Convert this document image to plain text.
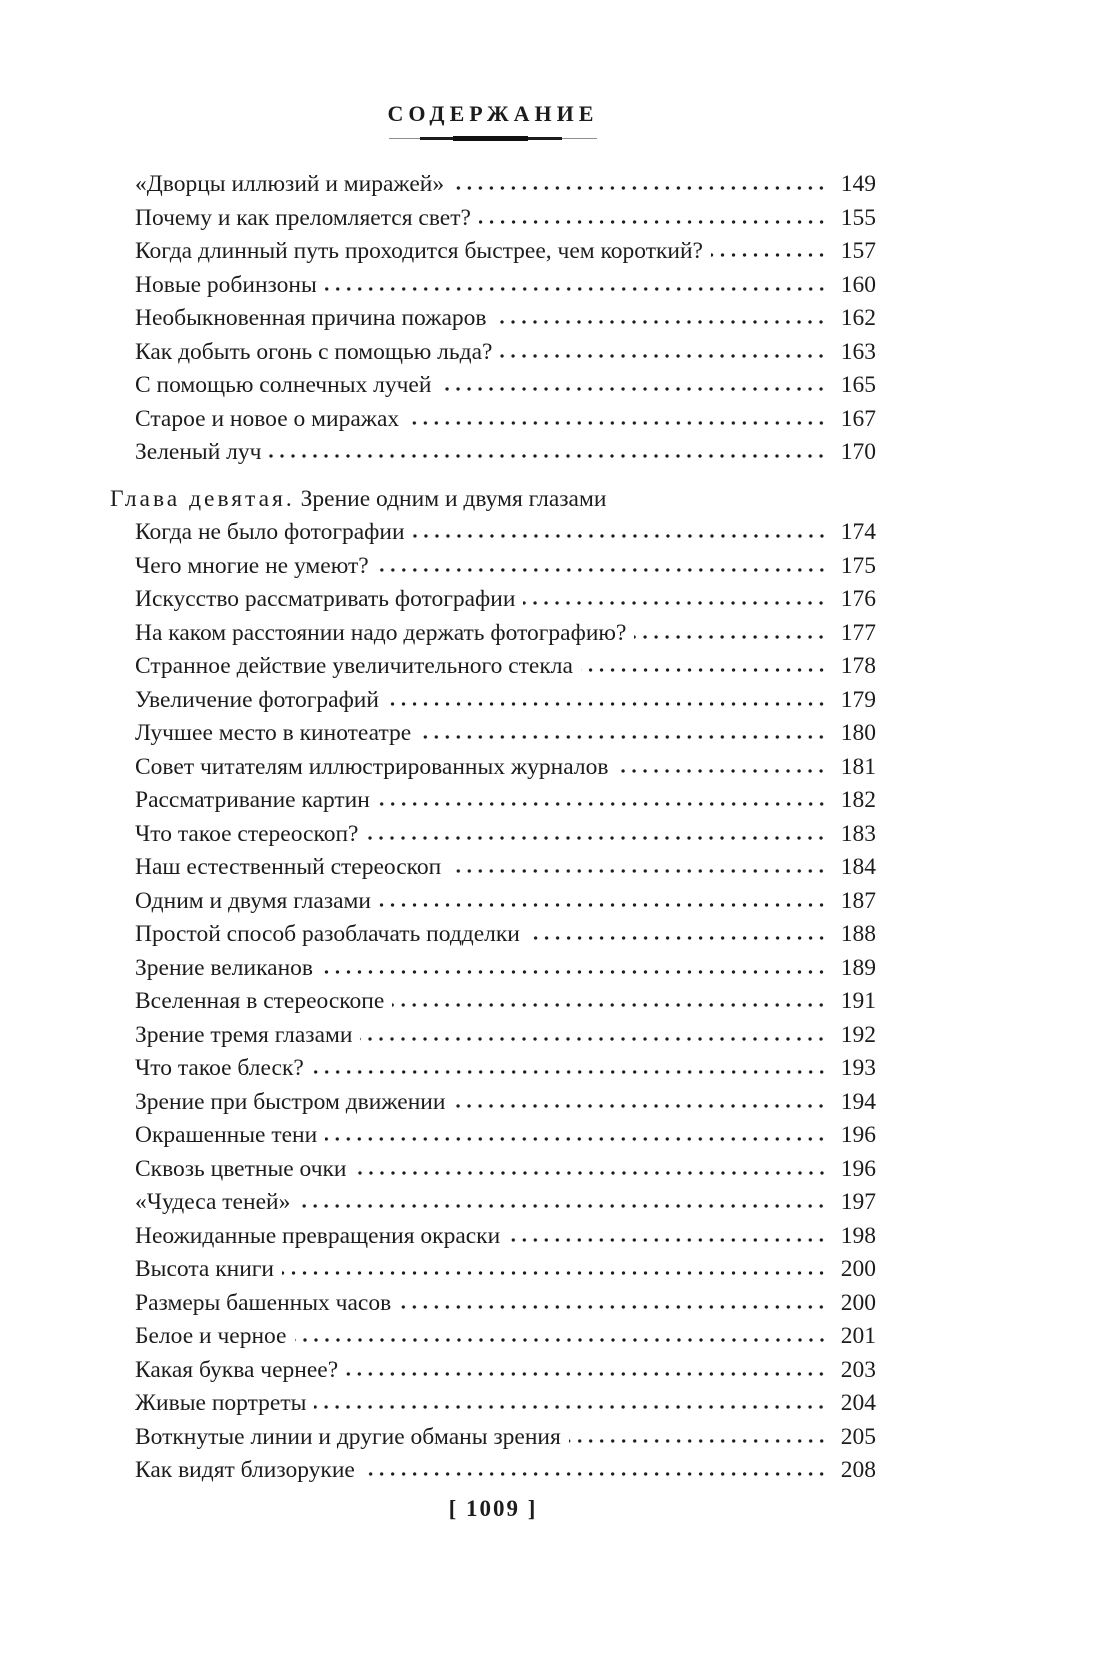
СОДЕРЖАНИЕ
«Дворцы иллюзий и миражей»	149
Почему и как преломляется свет?	155
Когда длинный путь проходится быстрее, чем короткий?	157
Новые робинзоны	160
Необыкновенная причина пожаров	162
Как добыть огонь с помощью льда?	163
С помощью солнечных лучей	165
Старое и новое о миражах	167
Зеленый луч	170
Глава девятая. Зрение одним и двумя глазами
Когда не было фотографии	174
Чего многие не умеют?	175
Искусство рассматривать фотографии	176
На каком расстоянии надо держать фотографию?	177
Странное действие увеличительного стекла	178
Увеличение фотографий	179
Лучшее место в кинотеатре	180
Совет читателям иллюстрированных журналов	181
Рассматривание картин	182
Что такое стереоскоп?	183
Наш естественный стереоскоп	184
Одним и двумя глазами	187
Простой способ разоблачать подделки	188
Зрение великанов	189
Вселенная в стереоскопе	191
Зрение тремя глазами	192
Что такое блеск?	193
Зрение при быстром движении	194
Окрашенные тени	196
Сквозь цветные очки	196
«Чудеса теней»	197
Неожиданные превращения окраски	198
Высота книги	200
Размеры башенных часов	200
Белое и черное	201
Какая буква чернее?	203
Живые портреты	204
Воткнутые линии и другие обманы зрения	205
Как видят близорукие	208
[ 1009 ]
